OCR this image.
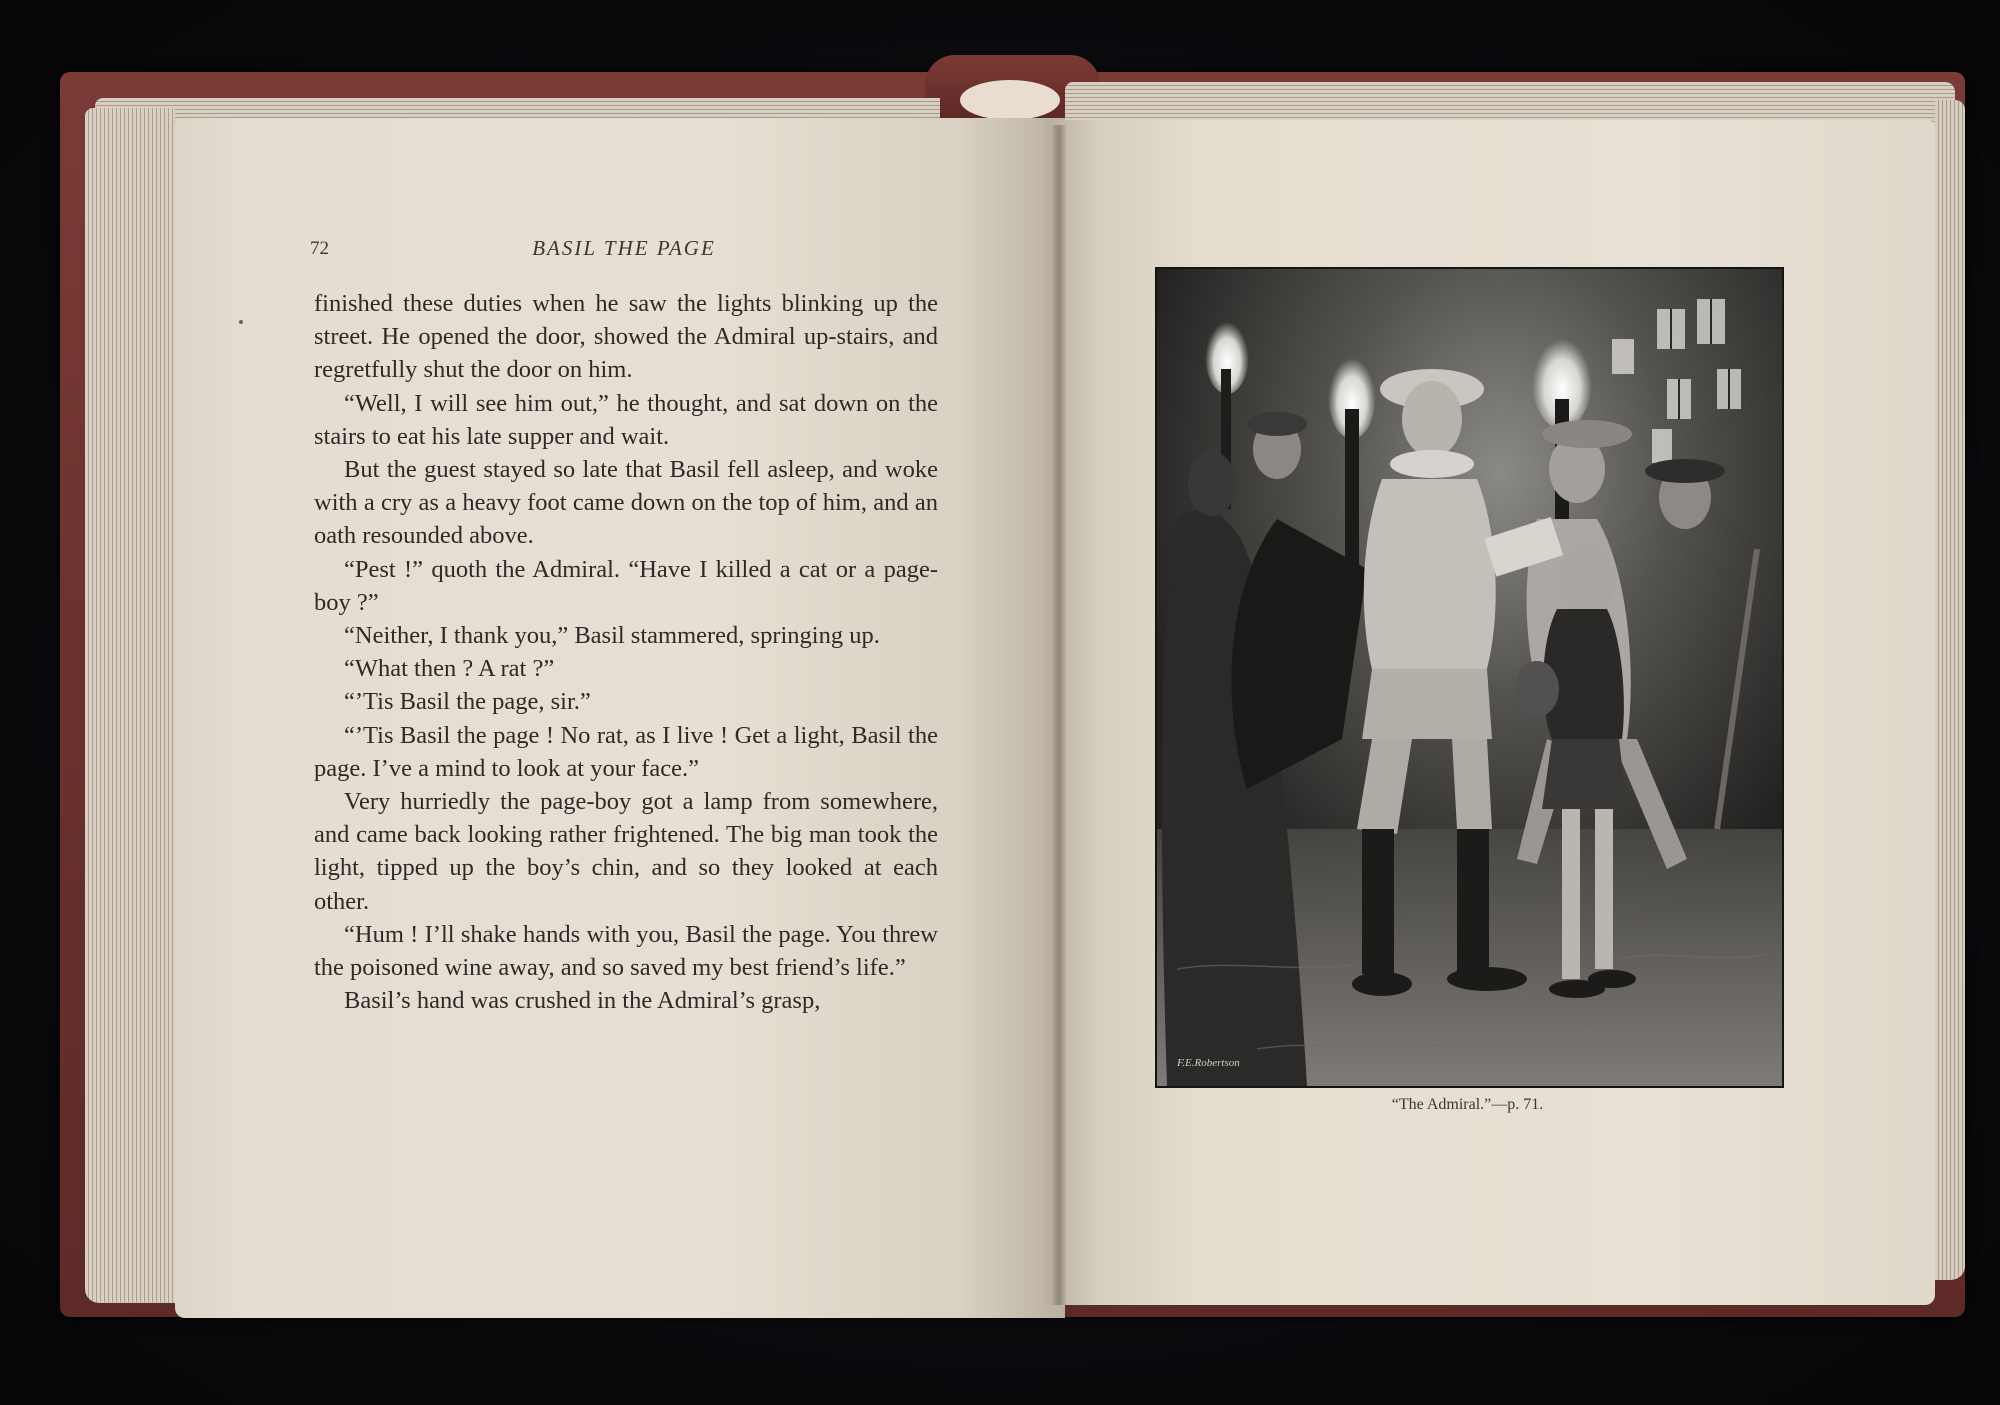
72	BASIL THE PAGE

finished these duties when he saw the lights blinking up the street. He opened the door, showed the Admiral up-stairs, and regretfully shut the door on him.

“Well, I will see him out,” he thought, and sat down on the stairs to eat his late supper and wait.

But the guest stayed so late that Basil fell asleep, and woke with a cry as a heavy foot came down on the top of him, and an oath resounded above.

“Pest !” quoth the Admiral. “Have I killed a cat or a page-boy ?”

“Neither, I thank you,” Basil stammered, springing up.

“What then ? A rat ?”

“’Tis Basil the page, sir.”

“’Tis Basil the page ! No rat, as I live ! Get a light, Basil the page. I’ve a mind to look at your face.”

Very hurriedly the page-boy got a lamp from somewhere, and came back looking rather frightened. The big man took the light, tipped up the boy’s chin, and so they looked at each other.

“Hum ! I’ll shake hands with you, Basil the page. You threw the poisoned wine away, and so saved my best friend’s life.”

Basil’s hand was crushed in the Admiral’s grasp,

F.E.Robertson
“The Admiral.”—p. 71.
